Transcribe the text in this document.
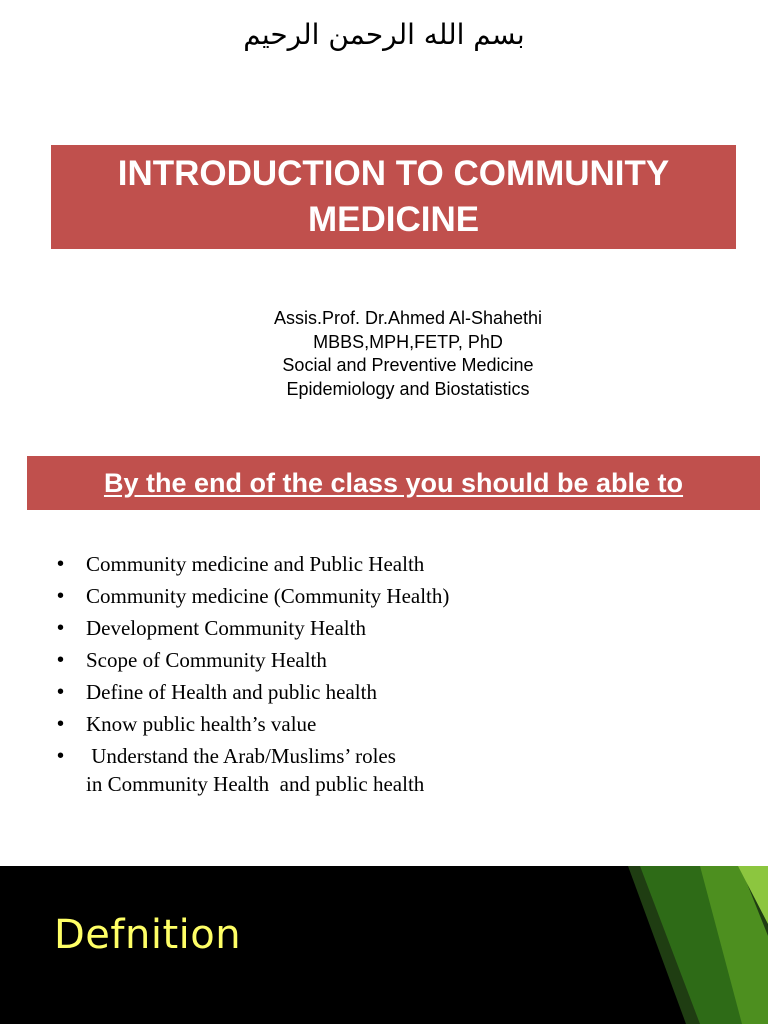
بسم الله الرحمن الرحيم
INTRODUCTION TO COMMUNITY
MEDICINE
Assis.Prof. Dr.Ahmed Al-Shahethi
MBBS,MPH,FETP, PhD
Social and Preventive Medicine
Epidemiology and Biostatistics
By the end of the class you should be able to
• Community medicine and Public Health
• Community medicine (Community Health)
• Development Community Health
• Scope of Community Health
• Define of Health and public health
• Know public health’s value
• Understand the Arab/Muslims’ roles
in Community Health  and public health
Defnition
